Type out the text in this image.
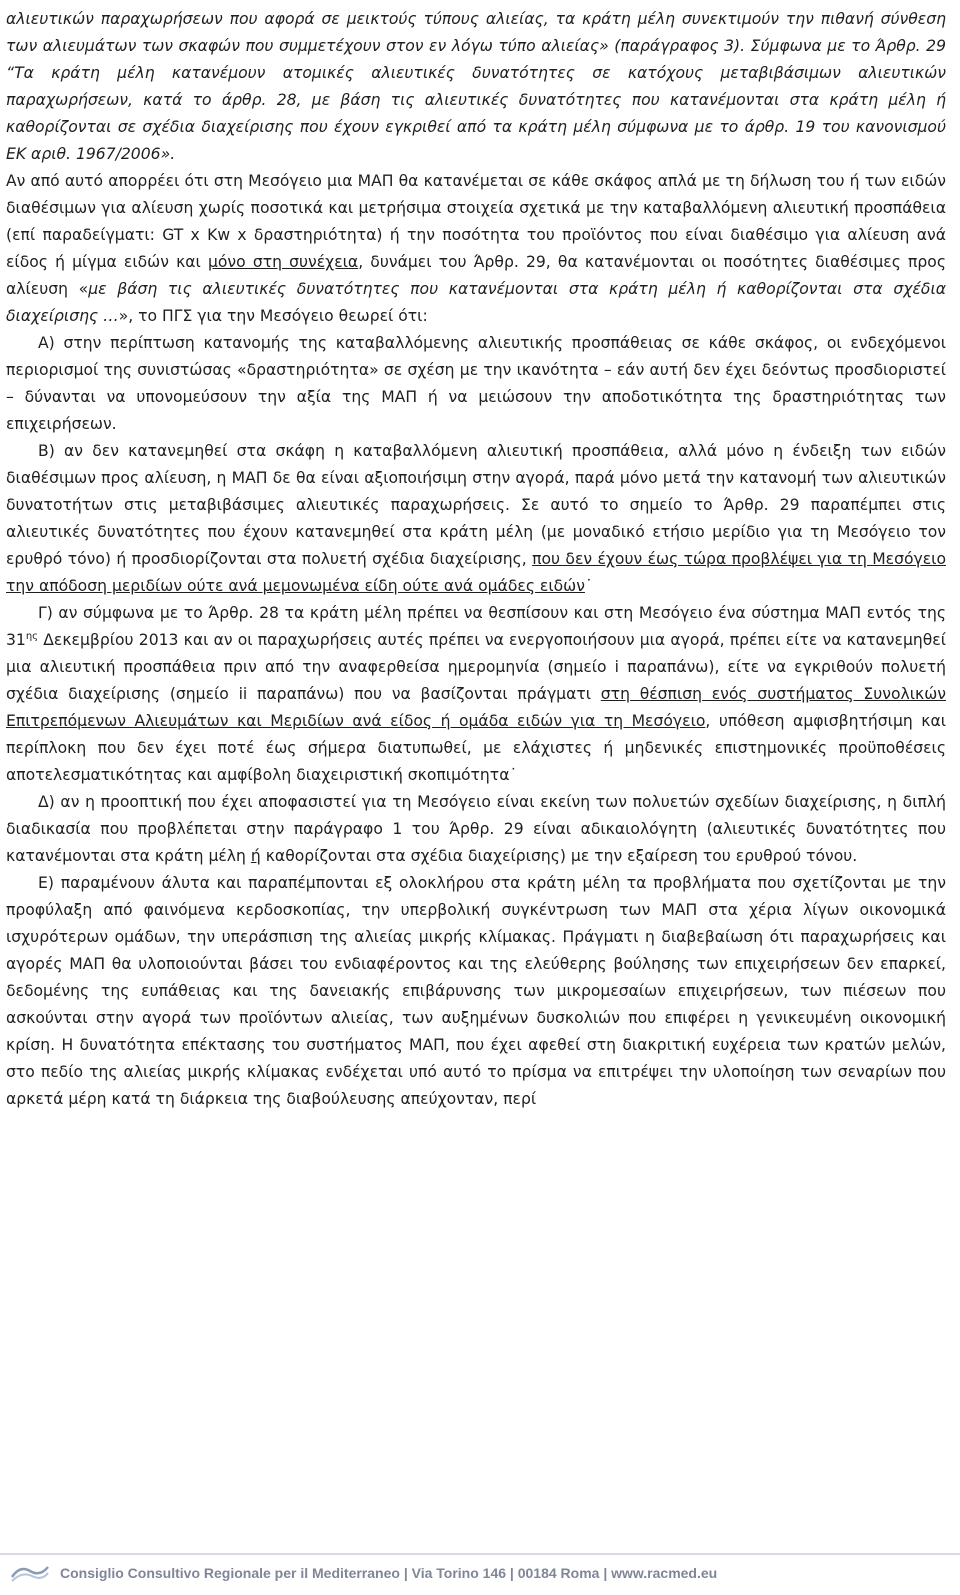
αλιευτικών παραχωρήσεων που αφορά σε μεικτούς τύπους αλιείας, τα κράτη μέλη συνεκτιμούν την πιθανή σύνθεση των αλιευμάτων των σκαφών που συμμετέχουν στον εν λόγω τύπο αλιείας» (παράγραφος 3). Σύμφωνα με το Άρθρ. 29 “Τα κράτη μέλη κατανέμουν ατομικές αλιευτικές δυνατότητες σε κατόχους μεταβιβάσιμων αλιευτικών παραχωρήσεων, κατά το άρθρ. 28, με βάση τις αλιευτικές δυνατότητες που κατανέμονται στα κράτη μέλη ή καθορίζονται σε σχέδια διαχείρισης που έχουν εγκριθεί από τα κράτη μέλη σύμφωνα με το άρθρ. 19 του κανονισμού ΕΚ αριθ. 1967/2006».

Αν από αυτό απορρέει ότι στη Μεσόγειο μια ΜΑΠ θα κατανέμεται σε κάθε σκάφος απλά με τη δήλωση του ή των ειδών διαθέσιμων για αλίευση χωρίς ποσοτικά και μετρήσιμα στοιχεία σχετικά με την καταβαλλόμενη αλιευτική προσπάθεια (επί παραδείγματι: GT x Kw x δραστηριότητα) ή την ποσότητα του προϊόντος που είναι διαθέσιμο για αλίευση ανά είδος ή μίγμα ειδών και μόνο στη συνέχεια, δυνάμει του Άρθρ. 29, θα κατανέμονται οι ποσότητες διαθέσιμες προς αλίευση «με βάση τις αλιευτικές δυνατότητες που κατανέμονται στα κράτη μέλη ή καθορίζονται στα σχέδια διαχείρισης …», το ΠΓΣ για την Μεσόγειο θεωρεί ότι:

Α) στην περίπτωση κατανομής της καταβαλλόμενης αλιευτικής προσπάθειας σε κάθε σκάφος, οι ενδεχόμενοι περιορισμοί της συνιστώσας «δραστηριότητα» σε σχέση με την ικανότητα – εάν αυτή δεν έχει δεόντως προσδιοριστεί – δύνανται να υπονομεύσουν την αξία της ΜΑΠ ή να μειώσουν την αποδοτικότητα της δραστηριότητας των επιχειρήσεων.

Β) αν δεν κατανεμηθεί στα σκάφη η καταβαλλόμενη αλιευτική προσπάθεια, αλλά μόνο η ένδειξη των ειδών διαθέσιμων προς αλίευση, η ΜΑΠ δε θα είναι αξιοποιήσιμη στην αγορά, παρά μόνο μετά την κατανομή των αλιευτικών δυνατοτήτων στις μεταβιβάσιμες αλιευτικές παραχωρήσεις. Σε αυτό το σημείο το Άρθρ. 29 παραπέμπει στις αλιευτικές δυνατότητες που έχουν κατανεμηθεί στα κράτη μέλη (με μοναδικό ετήσιο μερίδιο για τη Μεσόγειο τον ερυθρό τόνο) ή προσδιορίζονται στα πολυετή σχέδια διαχείρισης, που δεν έχουν έως τώρα προβλέψει για τη Μεσόγειο την απόδοση μεριδίων ούτε ανά μεμονωμένα είδη ούτε ανά ομάδες ειδών˙

Γ) αν σύμφωνα με το Άρθρ. 28 τα κράτη μέλη πρέπει να θεσπίσουν και στη Μεσόγειο ένα σύστημα ΜΑΠ εντός της $31^{\eta\varsigma}$ Δεκεμβρίου 2013 και αν οι παραχωρήσεις αυτές πρέπει να ενεργοποιήσουν μια αγορά, πρέπει είτε να κατανεμηθεί μια αλιευτική προσπάθεια πριν από την αναφερθείσα ημερομηνία (σημείο i παραπάνω), είτε να εγκριθούν πολυετή σχέδια διαχείρισης (σημείο ii παραπάνω) που να βασίζονται πράγματι στη θέσπιση ενός συστήματος Συνολικών Επιτρεπόμενων Αλιευμάτων και Μεριδίων ανά είδος ή ομάδα ειδών για τη Μεσόγειο, υπόθεση αμφισβητήσιμη και περίπλοκη που δεν έχει ποτέ έως σήμερα διατυπωθεί, με ελάχιστες ή μηδενικές επιστημονικές προϋποθέσεις αποτελεσματικότητας και αμφίβολη διαχειριστική σκοπιμότητα˙

Δ) αν η προοπτική που έχει αποφασιστεί για τη Μεσόγειο είναι εκείνη των πολυετών σχεδίων διαχείρισης, η διπλή διαδικασία που προβλέπεται στην παράγραφο 1 του Άρθρ. 29 είναι αδικαιολόγητη (αλιευτικές δυνατότητες που κατανέμονται στα κράτη μέλη ή καθορίζονται στα σχέδια διαχείρισης) με την εξαίρεση του ερυθρού τόνου.

Ε) παραμένουν άλυτα και παραπέμπονται εξ ολοκλήρου στα κράτη μέλη τα προβλήματα που σχετίζονται με την προφύλαξη από φαινόμενα κερδοσκοπίας, την υπερβολική συγκέντρωση των ΜΑΠ στα χέρια λίγων οικονομικά ισχυρότερων ομάδων, την υπεράσπιση της αλιείας μικρής κλίμακας. Πράγματι η διαβεβαίωση ότι παραχωρήσεις και αγορές ΜΑΠ θα υλοποιούνται βάσει του ενδιαφέροντος και της ελεύθερης βούλησης των επιχειρήσεων δεν επαρκεί, δεδομένης της ευπάθειας και της δανειακής επιβάρυνσης των μικρομεσαίων επιχειρήσεων, των πιέσεων που ασκούνται στην αγορά των προϊόντων αλιείας, των αυξημένων δυσκολιών που επιφέρει η γενικευμένη οικονομική κρίση. Η δυνατότητα επέκτασης του συστήματος ΜΑΠ, που έχει αφεθεί στη διακριτική ευχέρεια των κρατών μελών, στο πεδίο της αλιείας μικρής κλίμακας ενδέχεται υπό αυτό το πρίσμα να επιτρέψει την υλοποίηση των σεναρίων που αρκετά μέρη κατά τη διάρκεια της διαβούλευσης απεύχονταν, περί

Consiglio Consultivo Regionale per il Mediterraneo | Via Torino 146 | 00184 Roma | www.racmed.eu
